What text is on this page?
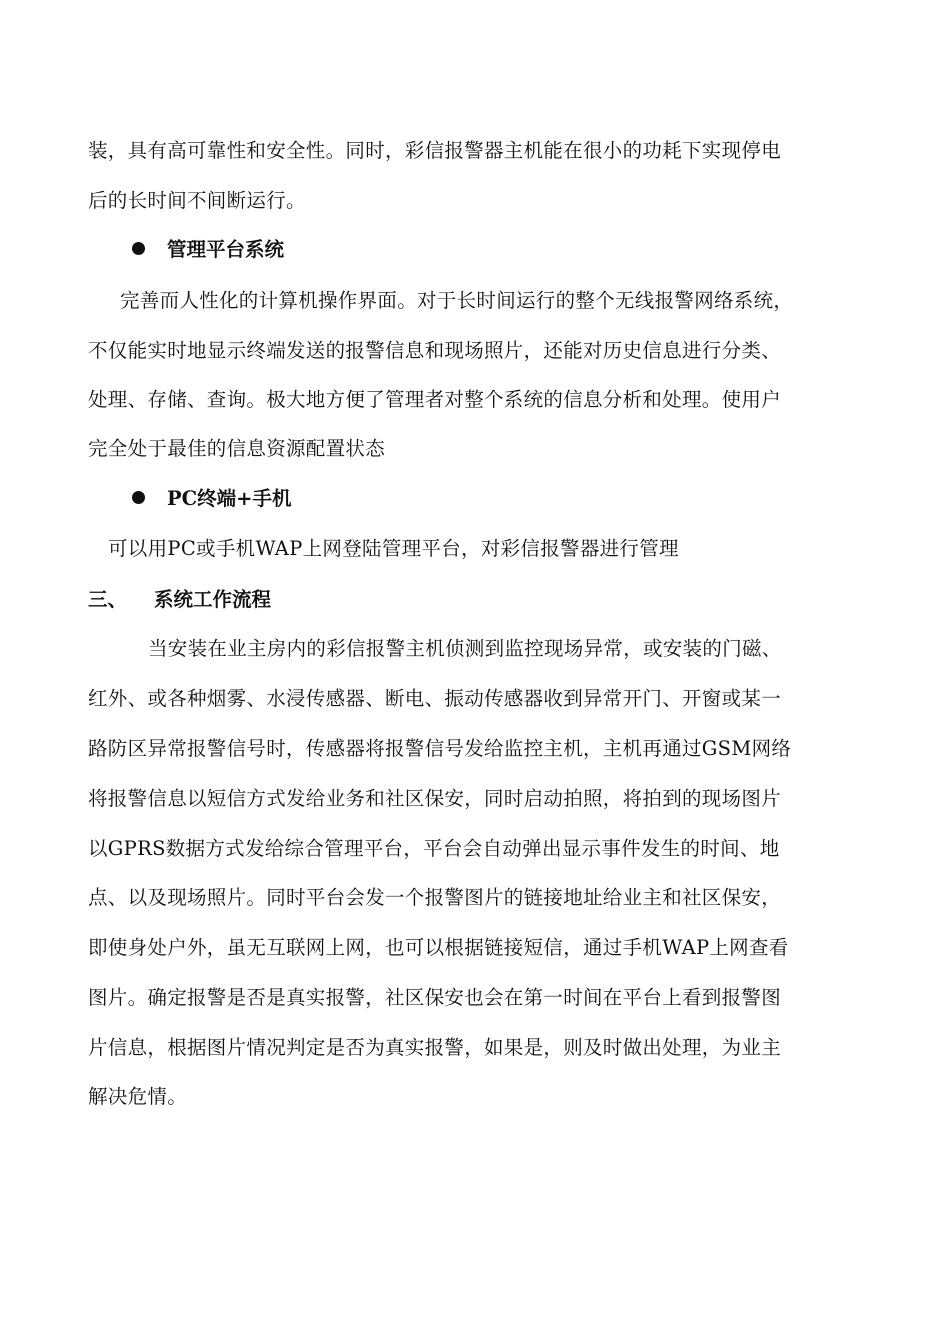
装，具有高可靠性和安全性。同时，彩信报警器主机能在很小的功耗下实现停电
后的长时间不间断运行。
管理平台系统
完善而人性化的计算机操作界面。对于长时间运行的整个无线报警网络系统，
不仅能实时地显示终端发送的报警信息和现场照片，还能对历史信息进行分类、
处理、存储、查询。极大地方便了管理者对整个系统的信息分析和处理。使用户
完全处于最佳的信息资源配置状态
PC终端+手机
可以用PC或手机WAP上网登陆管理平台，对彩信报警器进行管理
三、 系统工作流程
当安装在业主房内的彩信报警主机侦测到监控现场异常，或安装的门磁、
红外、或各种烟雾、水浸传感器、断电、振动传感器收到异常开门、开窗或某一
路防区异常报警信号时，传感器将报警信号发给监控主机，主机再通过GSM网络
将报警信息以短信方式发给业务和社区保安，同时启动拍照，将拍到的现场图片
以GPRS数据方式发给综合管理平台，平台会自动弹出显示事件发生的时间、地
点、以及现场照片。同时平台会发一个报警图片的链接地址给业主和社区保安，
即使身处户外，虽无互联网上网，也可以根据链接短信，通过手机WAP上网查看
图片。确定报警是否是真实报警，社区保安也会在第一时间在平台上看到报警图
片信息，根据图片情况判定是否为真实报警，如果是，则及时做出处理，为业主
解决危情。
